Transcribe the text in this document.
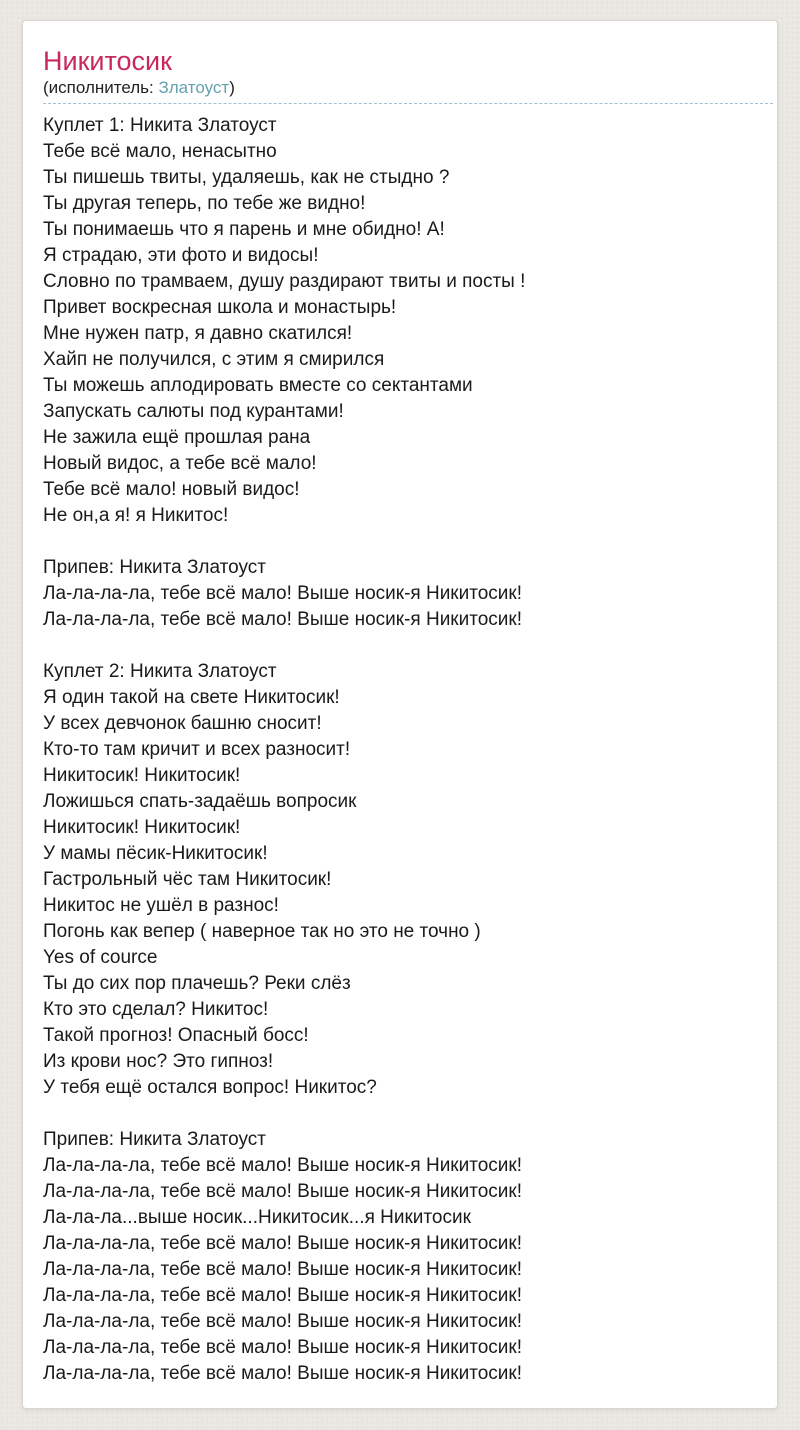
Никитосик
(исполнитель: Златоуст)
Куплет 1: Никита Златоуст
Тебе всё мало, ненасытно
Ты пишешь твиты, удаляешь, как не стыдно ?
Ты другая теперь, по тебе же видно!
Ты понимаешь что я парень и мне обидно! А!
Я страдаю, эти фото и видосы!
Словно по трамваем, душу раздирают твиты и посты !
Привет воскресная школа и монастырь!
Мне нужен патр, я давно скатился!
Хайп не получился, с этим я смирился
Ты можешь аплодировать вместе со сектантами
Запускать салюты под курантами!
Не зажила ещё прошлая рана
Новый видос, а тебе всё мало!
Тебе всё мало! новый видос!
Не он,а я! я Никитос!
Припев: Никита Златоуст
Ла-ла-ла-ла, тебе всё мало! Выше носик-я Никитосик!
Ла-ла-ла-ла, тебе всё мало! Выше носик-я Никитосик!
Куплет 2: Никита Златоуст
Я один такой на свете Никитосик!
У всех девчонок башню сносит!
Кто-то там кричит и всех разносит!
Никитосик! Никитосик!
Ложишься спать-задаёшь вопросик
Никитосик! Никитосик!
У мамы пёсик-Никитосик!
Гастрольный чёс там Никитосик!
Никитос не ушёл в разнос!
Погонь как вепер ( наверное так но это не точно )
Yes of cource
Ты до сих пор плачешь? Реки слёз
Кто это сделал? Никитос!
Такой прогноз! Опасный босс!
Из крови нос? Это гипноз!
У тебя ещё остался вопрос! Никитос?
Припев: Никита Златоуст
Ла-ла-ла-ла, тебе всё мало! Выше носик-я Никитосик!
Ла-ла-ла-ла, тебе всё мало! Выше носик-я Никитосик!
Ла-ла-ла...выше носик...Никитосик...я Никитосик
Ла-ла-ла-ла, тебе всё мало! Выше носик-я Никитосик!
Ла-ла-ла-ла, тебе всё мало! Выше носик-я Никитосик!
Ла-ла-ла-ла, тебе всё мало! Выше носик-я Никитосик!
Ла-ла-ла-ла, тебе всё мало! Выше носик-я Никитосик!
Ла-ла-ла-ла, тебе всё мало! Выше носик-я Никитосик!
Ла-ла-ла-ла, тебе всё мало! Выше носик-я Никитосик!
